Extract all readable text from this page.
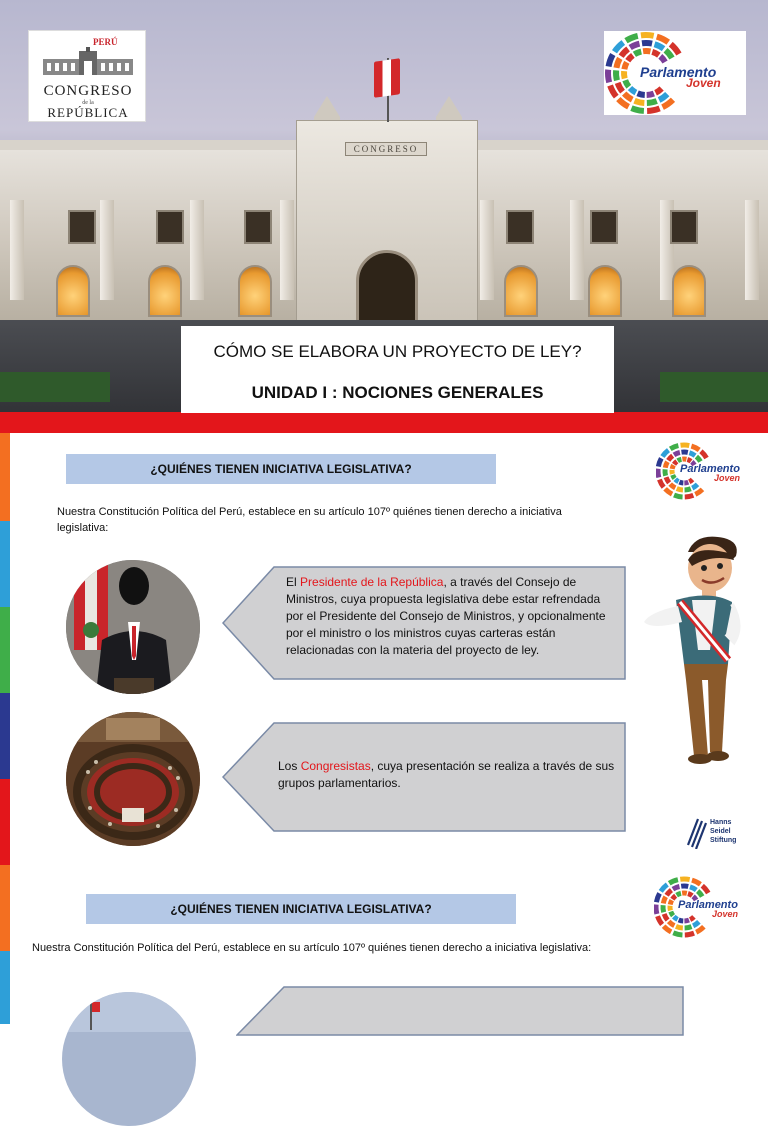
CONGRESO
PERÚ
CONGRESO
de la
REPÚBLICA
Parlamento
Joven
CÓMO SE ELABORA UN PROYECTO DE LEY?
UNIDAD I : NOCIONES GENERALES
¿QUIÉNES TIENEN INICIATIVA LEGISLATIVA?	Parlamento
Joven
Nuestra Constitución Política del Perú, establece en su artículo 107º quiénes tienen derecho a iniciativa legislativa:
El Presidente de la República, a través del Consejo de Ministros, cuya propuesta legislativa debe estar refrendada por el Presidente del Consejo de Ministros, y opcionalmente por el ministro o los ministros cuyas carteras están relacionadas con la materia del proyecto de ley.
Los Congresistas, cuya presentación se realiza a través de sus grupos parlamentarios.
Hanns
Seidel
Stiftung
¿QUIÉNES TIENEN INICIATIVA LEGISLATIVA?	Parlamento
Joven
Nuestra Constitución Política del Perú, establece en su artículo 107º quiénes tienen derecho a iniciativa legislativa:
